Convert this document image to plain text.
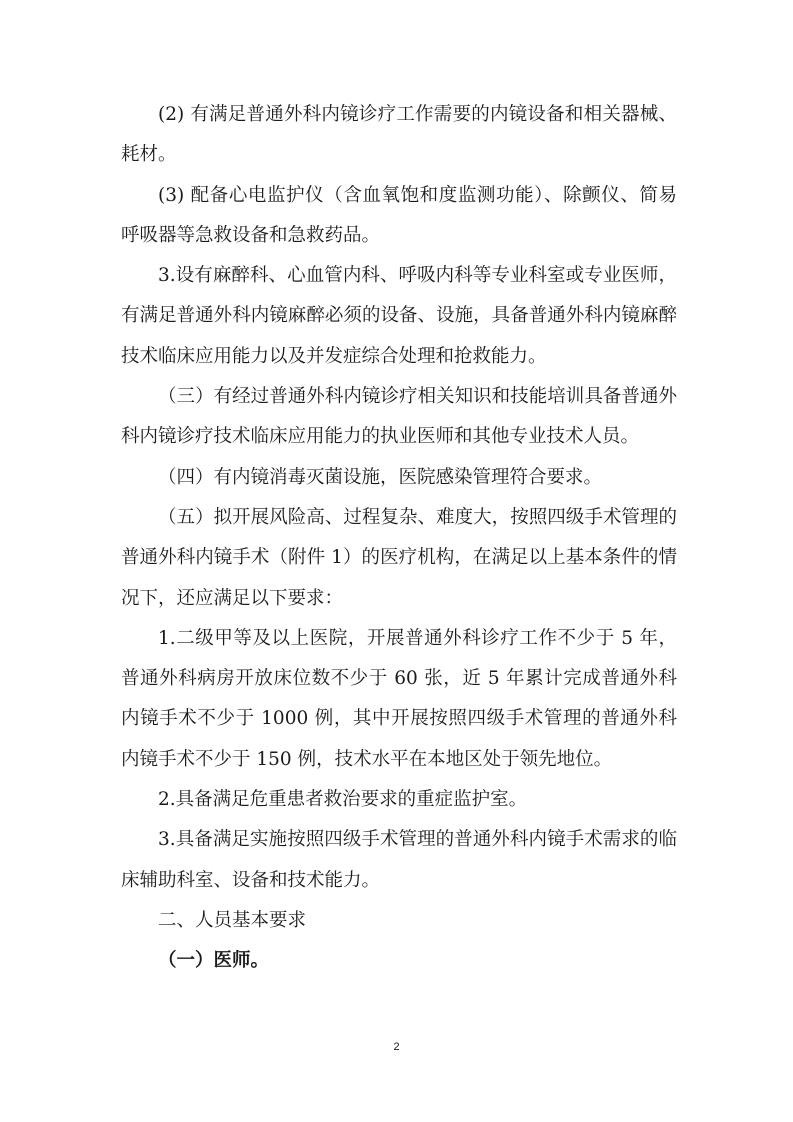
(2) 有满足普通外科内镜诊疗工作需要的内镜设备和相关器械、耗材。

(3) 配备心电监护仪（含血氧饱和度监测功能）、除颤仪、简易呼吸器等急救设备和急救药品。

3.设有麻醉科、心血管内科、呼吸内科等专业科室或专业医师，有满足普通外科内镜麻醉必须的设备、设施，具备普通外科内镜麻醉技术临床应用能力以及并发症综合处理和抢救能力。

（三）有经过普通外科内镜诊疗相关知识和技能培训具备普通外科内镜诊疗技术临床应用能力的执业医师和其他专业技术人员。

（四）有内镜消毒灭菌设施，医院感染管理符合要求。

（五）拟开展风险高、过程复杂、难度大，按照四级手术管理的普通外科内镜手术（附件 1）的医疗机构，在满足以上基本条件的情况下，还应满足以下要求：

1.二级甲等及以上医院，开展普通外科诊疗工作不少于 5 年，普通外科病房开放床位数不少于 60 张，近 5 年累计完成普通外科内镜手术不少于 1000 例，其中开展按照四级手术管理的普通外科内镜手术不少于 150 例，技术水平在本地区处于领先地位。

2.具备满足危重患者救治要求的重症监护室。

3.具备满足实施按照四级手术管理的普通外科内镜手术需求的临床辅助科室、设备和技术能力。

二、人员基本要求

（一）医师。

2
